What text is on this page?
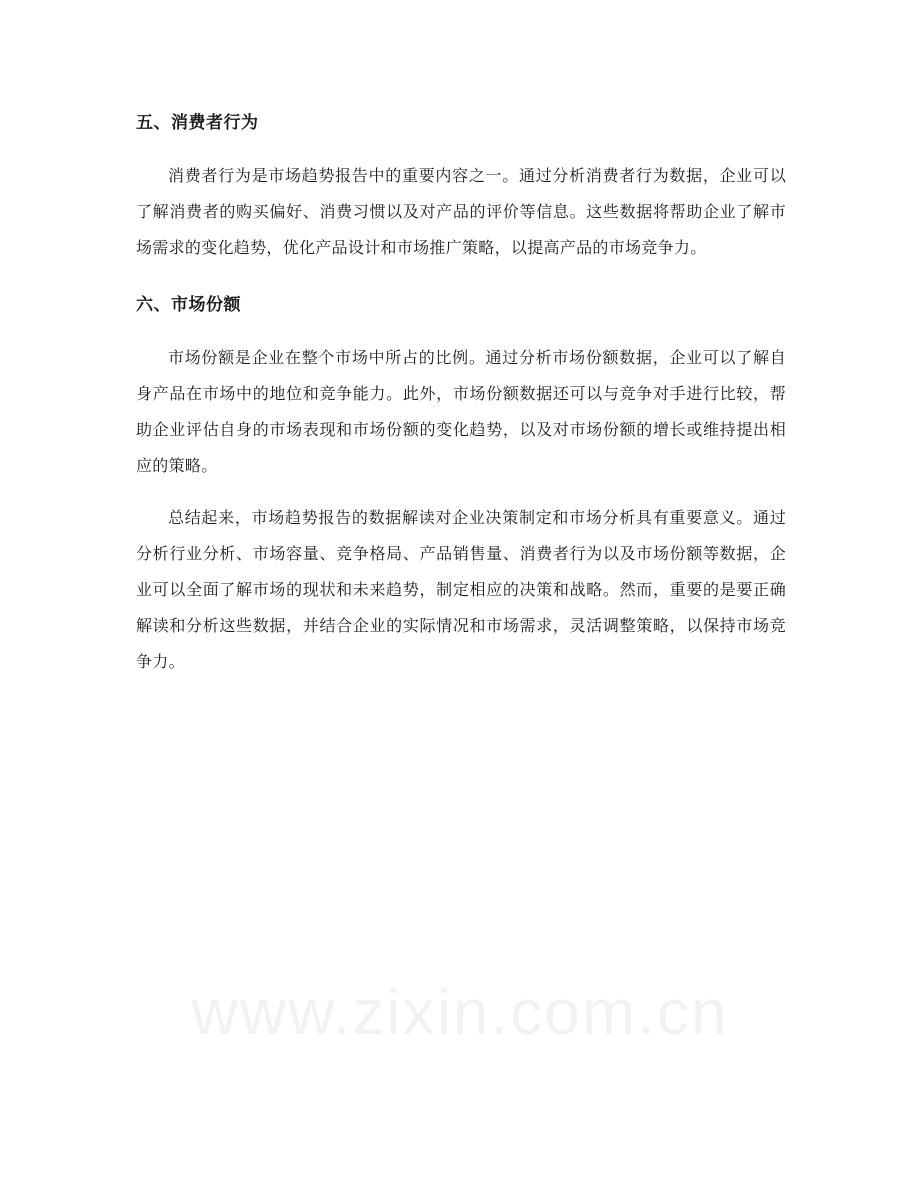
五、消费者行为

消费者行为是市场趋势报告中的重要内容之一。通过分析消费者行为数据，企业可以了解消费者的购买偏好、消费习惯以及对产品的评价等信息。这些数据将帮助企业了解市场需求的变化趋势，优化产品设计和市场推广策略，以提高产品的市场竞争力。

六、市场份额

市场份额是企业在整个市场中所占的比例。通过分析市场份额数据，企业可以了解自身产品在市场中的地位和竞争能力。此外，市场份额数据还可以与竞争对手进行比较，帮助企业评估自身的市场表现和市场份额的变化趋势，以及对市场份额的增长或维持提出相应的策略。

总结起来，市场趋势报告的数据解读对企业决策制定和市场分析具有重要意义。通过分析行业分析、市场容量、竞争格局、产品销售量、消费者行为以及市场份额等数据，企业可以全面了解市场的现状和未来趋势，制定相应的决策和战略。然而，重要的是要正确解读和分析这些数据，并结合企业的实际情况和市场需求，灵活调整策略，以保持市场竞争力。

www.zixin.com.cn
